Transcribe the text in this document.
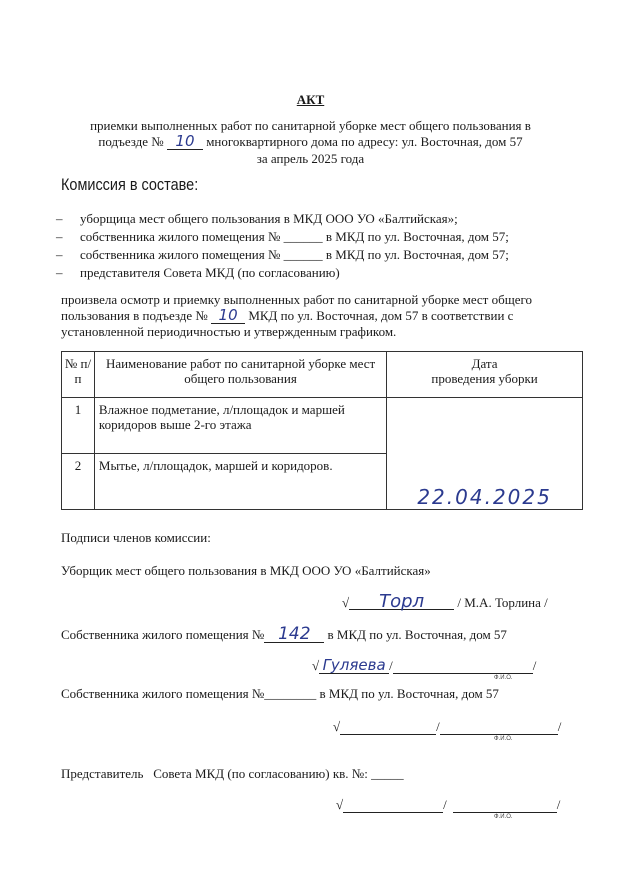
АКТ
приемки выполненных работ по санитарной уборке мест общего пользования в
подъезде № 10 многоквартирного дома по адресу: ул. Восточная, дом 57
за апрель 2025 года
Комиссия в составе:
– уборщица мест общего пользования в МКД ООО УО «Балтийская»;
– собственника жилого помещения № ______ в МКД по ул. Восточная, дом 57;
– собственника жилого помещения № ______ в МКД по ул. Восточная, дом 57;
– представителя Совета МКД (по согласованию)
произвела осмотр и приемку выполненных работ по санитарной уборке мест общего
пользования в подъезде № 10 МКД по ул. Восточная, дом 57 в соответствии с
установленной периодичностью и утвержденным графиком.
№ п/п	Наименование работ по санитарной уборке мест общего пользования	Дата
проведения уборки

1	Влажное подметание, л/площадок и маршей коридоров выше 2-го этажа	22.04.2025
2	Мытье, л/площадок, маршей и коридоров.	
Подписи членов комиссии:
Уборщик мест общего пользования в МКД ООО УО «Балтийская»
√ Торл	/ М.А. Торлина /
Собственника жилого помещения № 142 в МКД по ул. Восточная, дом 57
√ Гуляева /	/
Ф.И.О.
Собственника жилого помещения №________ в МКД по ул. Восточная, дом 57
√	/	/
Ф.И.О.
Представитель   Совета МКД (по согласованию) кв. №: _____
√	/	/
Ф.И.О.
